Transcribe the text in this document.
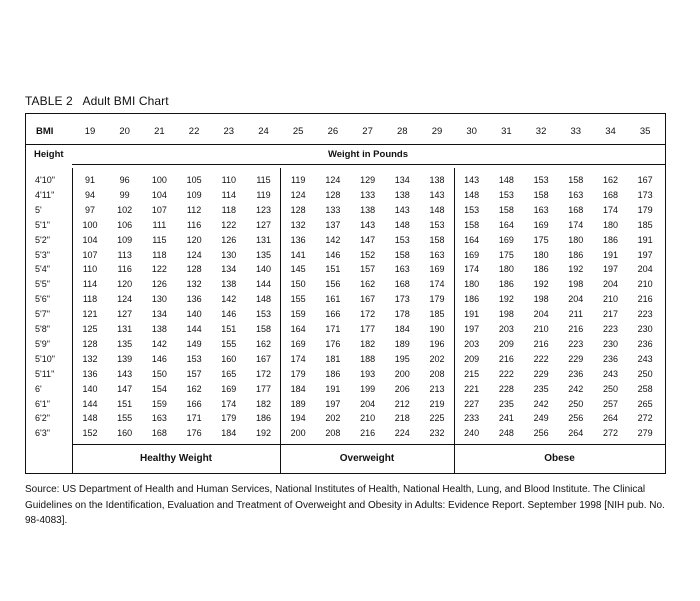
TABLE 2 Adult BMI Chart
BMI	19	20	21	22	23	24	25	26	27	28	29	30	31	32	33	34	35
Height	Weight in Pounds
4'10"	91	96	100	105	110	115	119	124	129	134	138	143	148	153	158	162	167
4'11"	94	99	104	109	114	119	124	128	133	138	143	148	153	158	163	168	173
5'	97	102	107	112	118	123	128	133	138	143	148	153	158	163	168	174	179
5'1"	100	106	111	116	122	127	132	137	143	148	153	158	164	169	174	180	185
5'2"	104	109	115	120	126	131	136	142	147	153	158	164	169	175	180	186	191
5'3"	107	113	118	124	130	135	141	146	152	158	163	169	175	180	186	191	197
5'4"	110	116	122	128	134	140	145	151	157	163	169	174	180	186	192	197	204
5'5"	114	120	126	132	138	144	150	156	162	168	174	180	186	192	198	204	210
5'6"	118	124	130	136	142	148	155	161	167	173	179	186	192	198	204	210	216
5'7"	121	127	134	140	146	153	159	166	172	178	185	191	198	204	211	217	223
5'8"	125	131	138	144	151	158	164	171	177	184	190	197	203	210	216	223	230
5'9"	128	135	142	149	155	162	169	176	182	189	196	203	209	216	223	230	236
5'10"	132	139	146	153	160	167	174	181	188	195	202	209	216	222	229	236	243
5'11"	136	143	150	157	165	172	179	186	193	200	208	215	222	229	236	243	250
6'	140	147	154	162	169	177	184	191	199	206	213	221	228	235	242	250	258
6'1"	144	151	159	166	174	182	189	197	204	212	219	227	235	242	250	257	265
6'2"	148	155	163	171	179	186	194	202	210	218	225	233	241	249	256	264	272
6'3"	152	160	168	176	184	192	200	208	216	224	232	240	248	256	264	272	279
Healthy Weight	Overweight	Obese
Source: US Department of Health and Human Services, National Institutes of Health, National Health, Lung, and Blood Institute. The Clinical Guidelines on the Identification, Evaluation and Treatment of Overweight and Obesity in Adults: Evidence Report. September 1998 [NIH pub. No. 98-4083].
